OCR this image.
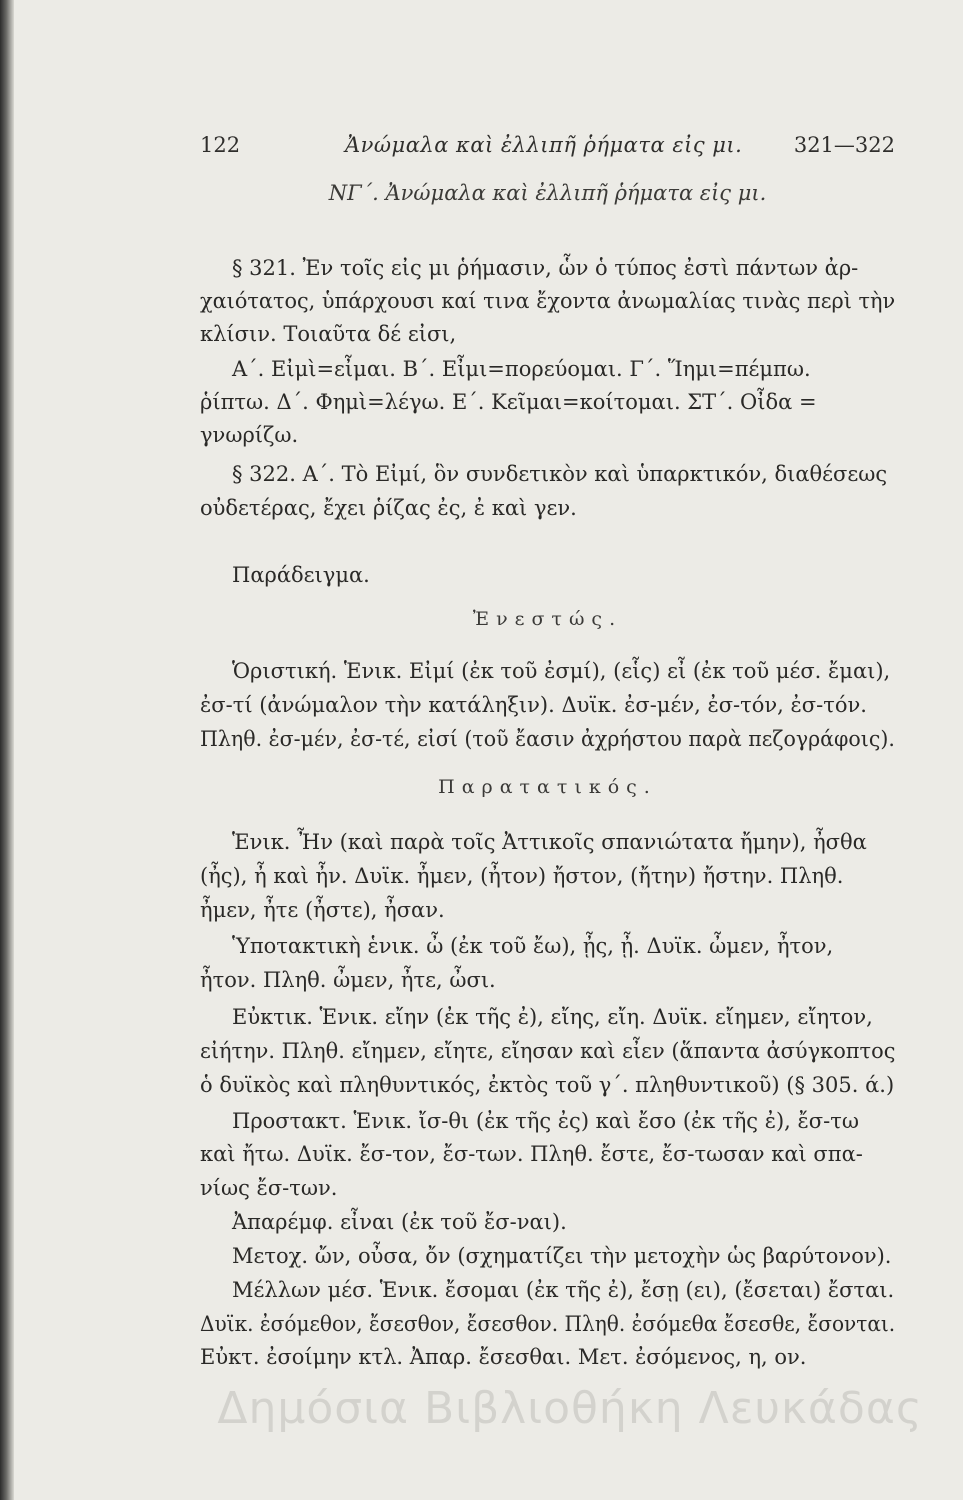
122	Ἀνώμαλα καὶ ἐλλιπῆ ῥήματα εἰς μι. 321—322
ΝΓ΄. Ἀνώμαλα καὶ ἐλλιπῆ ῥήματα εἰς μι.
§ 321. Ἐν τοῖς εἰς μι ῥήμασιν, ὧν ὁ τύπος ἐστὶ πάντων ἀρ-
χαιότατος, ὑπάρχουσι καί τινα ἔχοντα ἀνωμαλίας τινὰς περὶ τὴν
κλίσιν. Τοιαῦτα δέ εἰσι,
Α΄. Εἰμὶ=εἶμαι. Β΄. Εἶμι=πορεύομαι. Γ΄. Ἵημι=πέμπω.
ῥίπτω. Δ΄. Φημὶ=λέγω. Ε΄. Κεῖμαι=κοίτομαι. ΣΤ΄. Οἶδα =
γνωρίζω.
§ 322. Α΄. Τὸ Εἰμί, ὃν συνδετικὸν καὶ ὑπαρκτικόν, διαθέσεως
οὐδετέρας, ἔχει ῥίζας ἐς, ἐ καὶ γεν.
Παράδειγμα.
Ἐνεστώς.
Ὁριστική. Ἑνικ. Εἰμί (ἐκ τοῦ ἐσμί), (εἷς) εἶ (ἐκ τοῦ μέσ. ἔμαι),
ἐσ-τί (ἀνώμαλον τὴν κατάληξιν). Δυϊκ. ἐσ-μέν, ἐσ-τόν, ἐσ-τόν.
Πληθ. ἐσ-μέν, ἐσ-τέ, εἰσί (τοῦ ἔασιν ἀχρήστου παρὰ πεζογράφοις).
Παρατατικός.
Ἑνικ. Ἦν (καὶ παρὰ τοῖς Ἀττικοῖς σπανιώτατα ἤμην), ἦσθα
(ἦς), ἦ καὶ ἦν. Δυϊκ. ἦμεν, (ἦτον) ἤστον, (ἤτην) ἤστην. Πληθ.
ἦμεν, ἦτε (ἦστε), ἦσαν.
Ὑποτακτικὴ ἑνικ. ὦ (ἐκ τοῦ ἔω), ᾖς, ᾖ. Δυϊκ. ὦμεν, ἦτον,
ἦτον. Πληθ. ὦμεν, ἦτε, ὦσι.
Εὐκτικ. Ἑνικ. εἴην (ἐκ τῆς ἐ), εἴης, εἴη. Δυϊκ. εἴημεν, εἴητον,
εἰήτην. Πληθ. εἴημεν, εἴητε, εἴησαν καὶ εἶεν (ἅπαντα ἀσύγκοπτος
ὁ δυϊκὸς καὶ πληθυντικός, ἐκτὸς τοῦ γ΄. πληθυντικοῦ) (§ 305. ά.)
Προστακτ. Ἑνικ. ἴσ-θι (ἐκ τῆς ἐς) καὶ ἔσο (ἐκ τῆς ἐ), ἔσ-τω
καὶ ἤτω. Δυϊκ. ἔσ-τον, ἔσ-των. Πληθ. ἔστε, ἔσ-τωσαν καὶ σπα-
νίως ἔσ-των.
Ἀπαρέμφ. εἶναι (ἐκ τοῦ ἔσ-ναι).
Μετοχ. ὤν, οὖσα, ὄν (σχηματίζει τὴν μετοχὴν ὡς βαρύτονον).
Μέλλων μέσ. Ἑνικ. ἔσομαι (ἐκ τῆς ἐ), ἔσῃ (ει), (ἔσεται) ἔσται.
Δυϊκ. ἐσόμεθον, ἔσεσθον, ἔσεσθον. Πληθ. ἐσόμεθα ἔσεσθε, ἔσονται.
Εὐκτ. ἐσοίμην κτλ. Ἀπαρ. ἔσεσθαι. Μετ. ἐσόμενος, η, ον.
Δημόσια Βιβλιοθήκη Λευκάδας
